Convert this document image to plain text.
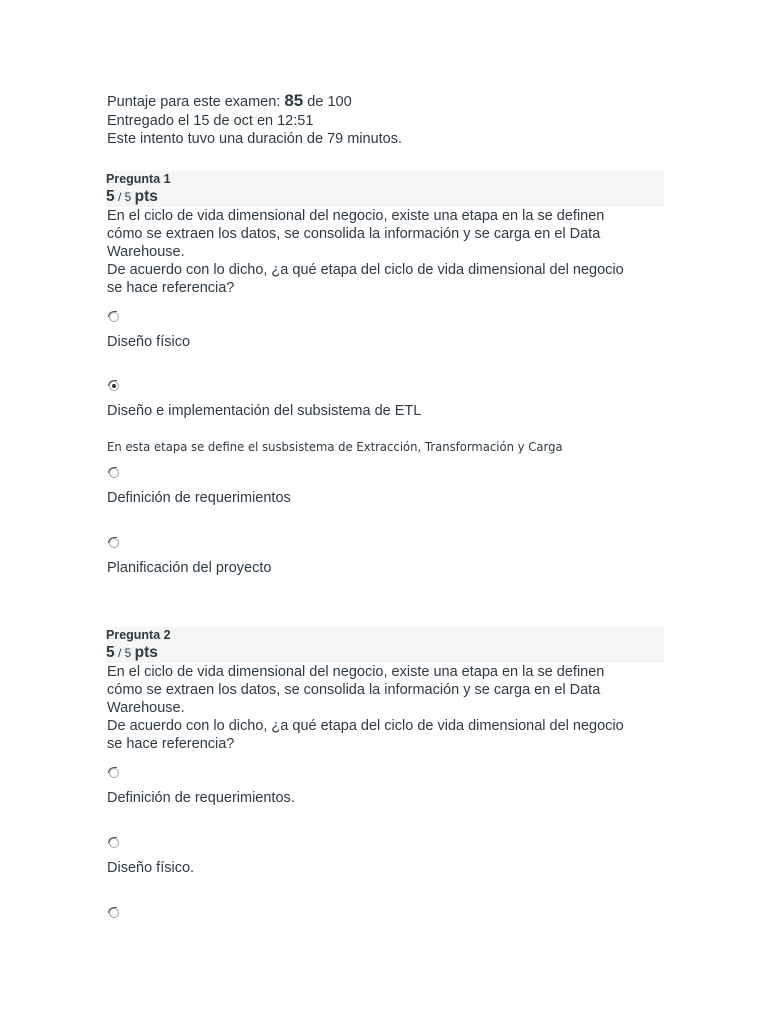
Puntaje para este examen: 85 de 100
Entregado el 15 de oct en 12:51
Este intento tuvo una duración de 79 minutos.
Pregunta 1
5 / 5 pts
En el ciclo de vida dimensional del negocio, existe una etapa en la se definen
cómo se extraen los datos, se consolida la información y se carga en el Data
Warehouse.
De acuerdo con lo dicho, ¿a qué etapa del ciclo de vida dimensional del negocio
se hace referencia?
Diseño físico
Diseño e implementación del subsistema de ETL
En esta etapa se define el susbsistema de Extracción, Transformación y Carga
Definición de requerimientos
Planificación del proyecto
Pregunta 2
5 / 5 pts
En el ciclo de vida dimensional del negocio, existe una etapa en la se definen
cómo se extraen los datos, se consolida la información y se carga en el Data
Warehouse.
De acuerdo con lo dicho, ¿a qué etapa del ciclo de vida dimensional del negocio
se hace referencia?
Definición de requerimientos.
Diseño físico.
